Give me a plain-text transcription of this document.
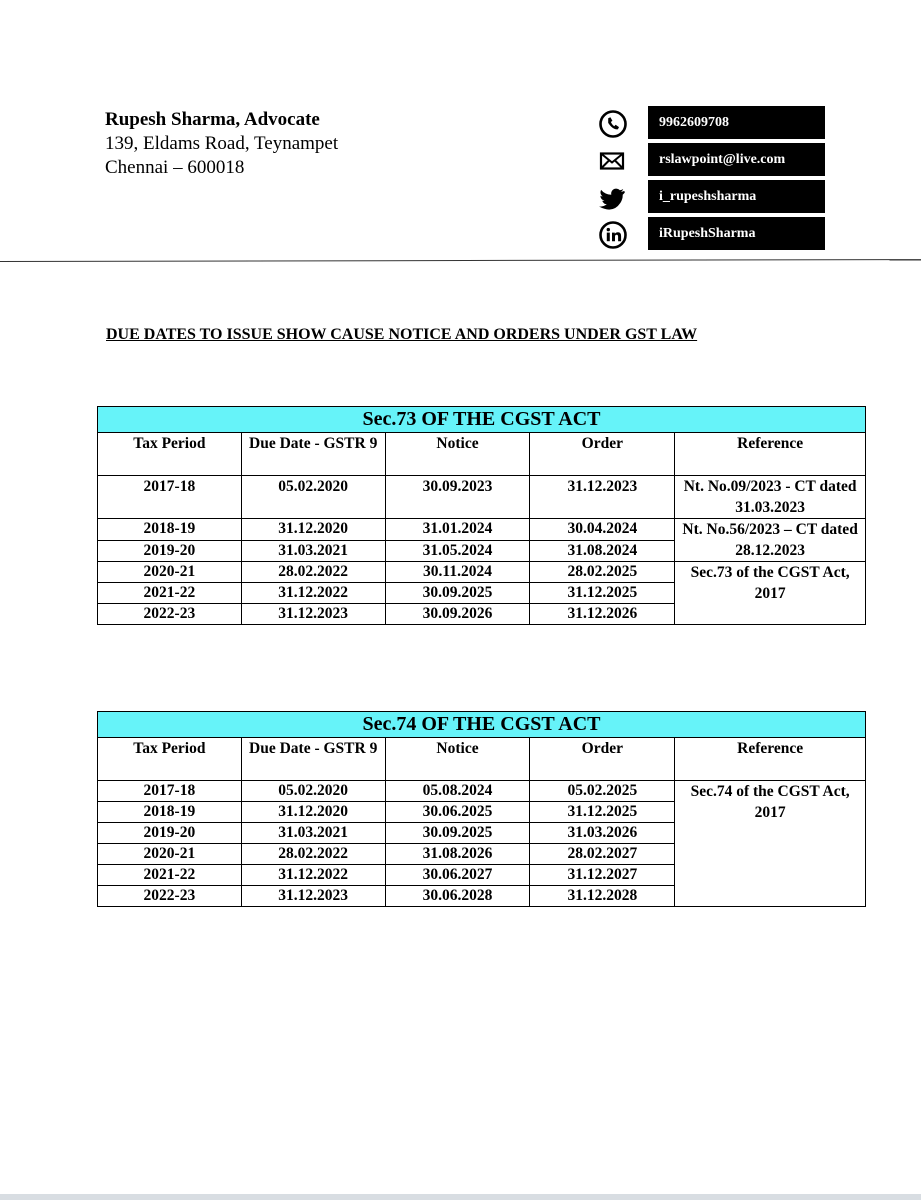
Rupesh Sharma, Advocate
139, Eldams Road, Teynampet
Chennai – 600018
9962609708
rslawpoint@live.com
i_rupeshsharma
iRupeshSharma
DUE DATES TO ISSUE SHOW CAUSE NOTICE AND ORDERS UNDER GST LAW
Sec.73 OF THE CGST ACT				
Tax Period	Due Date - GSTR 9	Notice	Order	Reference
2017-18	05.02.2020	30.09.2023	31.12.2023	Nt. No.09/2023 - CT dated 31.03.2023
2018-19	31.12.2020	31.01.2024	30.04.2024	Nt. No.56/2023 – CT dated 28.12.2023
2019-20	31.03.2021	31.05.2024	31.08.2024	
2020-21	28.02.2022	30.11.2024	28.02.2025	Sec.73 of the CGST Act, 2017
2021-22	31.12.2022	30.09.2025	31.12.2025	
2022-23	31.12.2023	30.09.2026	31.12.2026	
Sec.74 OF THE CGST ACT				
Tax Period	Due Date - GSTR 9	Notice	Order	Reference
2017-18	05.02.2020	05.08.2024	05.02.2025	Sec.74 of the CGST Act, 2017
2018-19	31.12.2020	30.06.2025	31.12.2025	
2019-20	31.03.2021	30.09.2025	31.03.2026	
2020-21	28.02.2022	31.08.2026	28.02.2027	
2021-22	31.12.2022	30.06.2027	31.12.2027	
2022-23	31.12.2023	30.06.2028	31.12.2028	
